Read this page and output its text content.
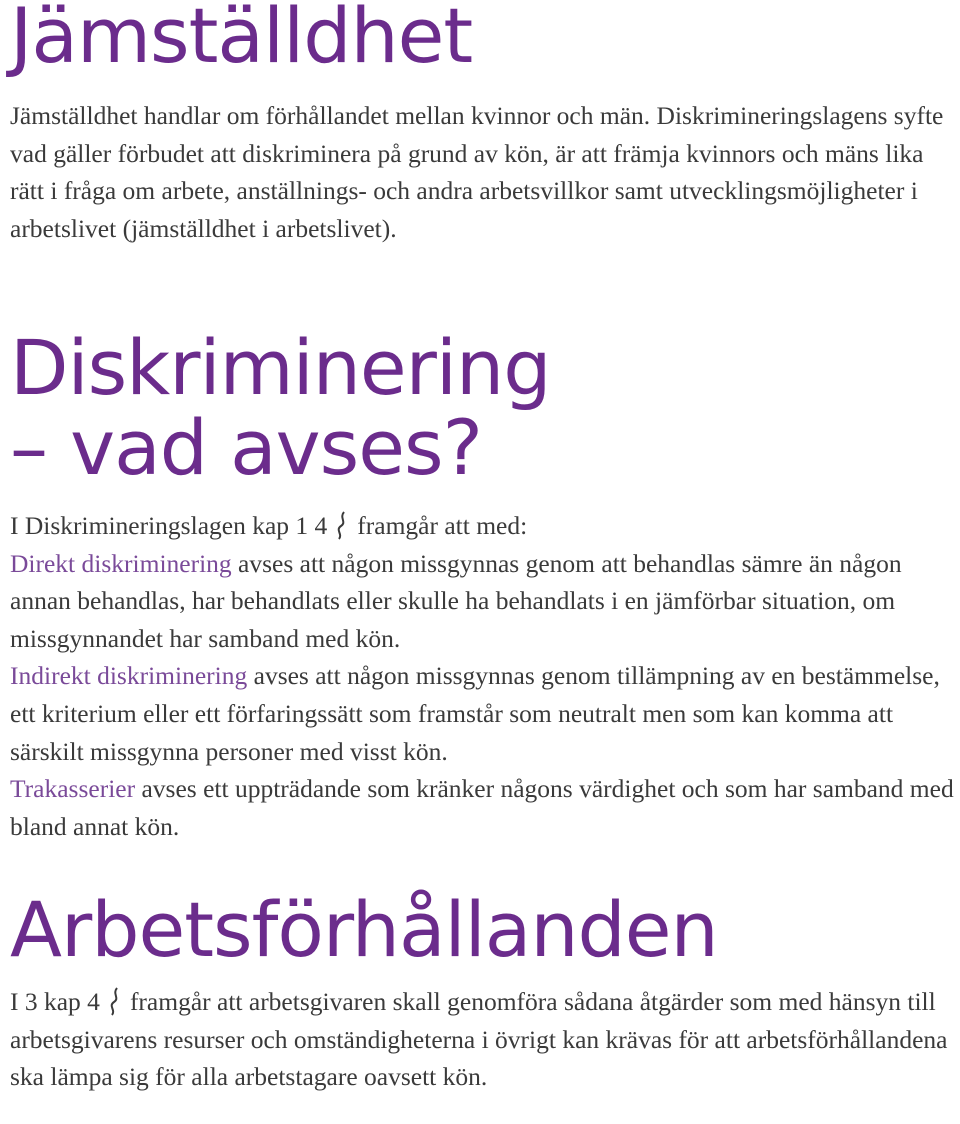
Jämställdhet

Jämställdhet handlar om förhållandet mellan kvinnor och män. Diskrimineringslagens syfte vad gäller förbudet att diskriminera på grund av kön, är att främja kvinnors och mäns lika rätt i fråga om arbete, anställnings- och andra arbetsvillkor samt utvecklingsmöjligheter i arbetslivet (jämställdhet i arbetslivet).

Diskriminering
– vad avses?

I Diskrimineringslagen kap 1 4 framgår att med:
Direkt diskriminering avses att någon missgynnas genom att behandlas sämre än någon annan behandlas, har behandlats eller skulle ha behandlats i en jämförbar situation, om missgynnandet har samband med kön.
Indirekt diskriminering avses att någon missgynnas genom tillämpning av en bestämmelse, ett kriterium eller ett förfaringssätt som framstår som neutralt men som kan komma att särskilt missgynna personer med visst kön.
Trakasserier avses ett uppträdande som kränker någons värdighet och som har samband med bland annat kön.

Arbetsförhållanden

I 3 kap 4 framgår att arbetsgivaren skall genomföra sådana åtgärder som med hänsyn till arbetsgivarens resurser och omständigheterna i övrigt kan krävas för att arbetsförhållandena ska lämpa sig för alla arbetstagare oavsett kön.
